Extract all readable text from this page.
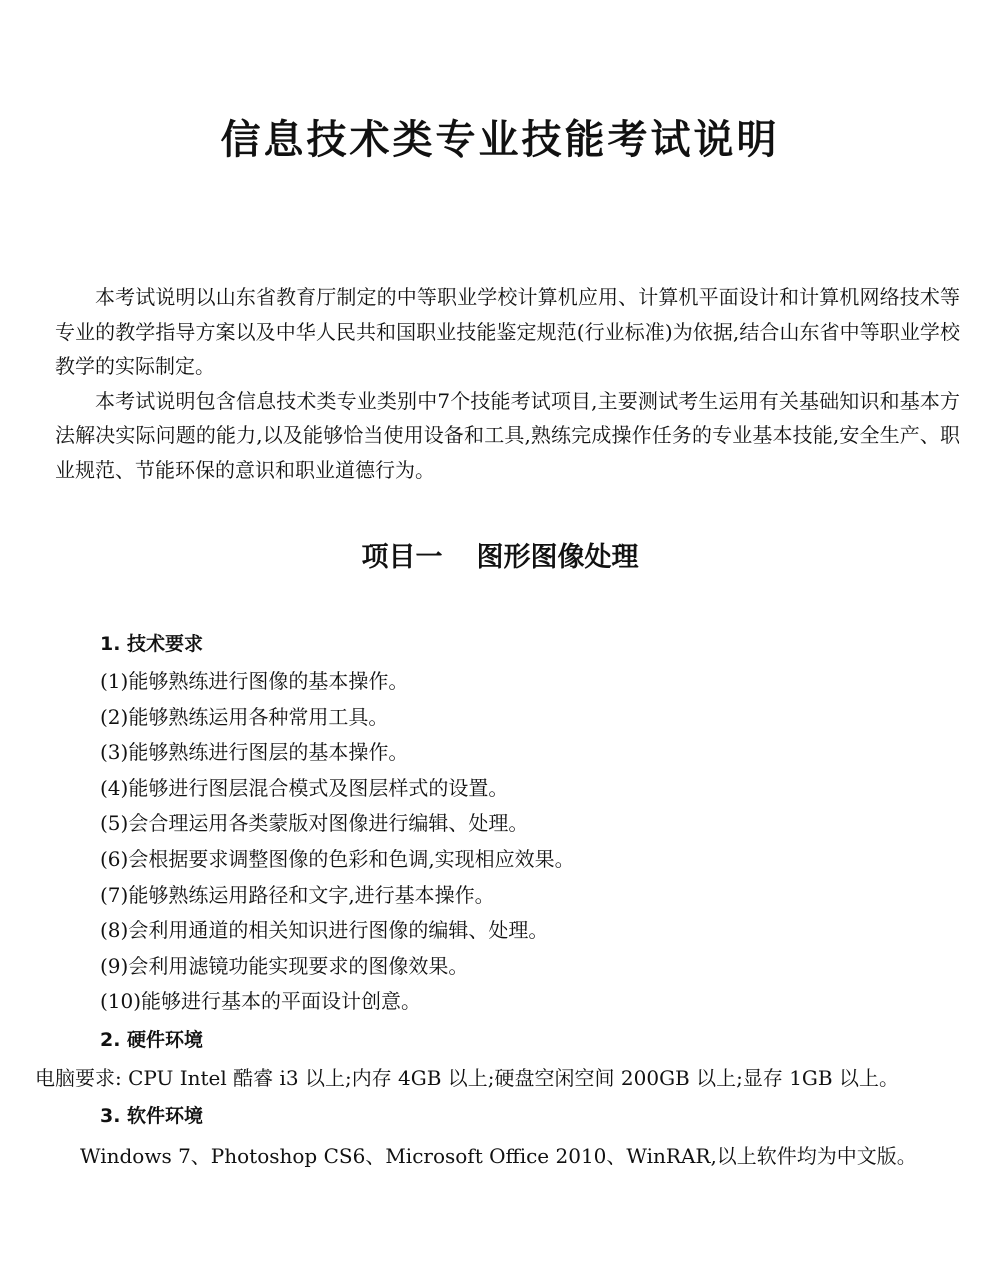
信息技术类专业技能考试说明

本考试说明以山东省教育厅制定的中等职业学校计算机应用、计算机平面设计和计算机网络技术等专业的教学指导方案以及中华人民共和国职业技能鉴定规范(行业标准)为依据,结合山东省中等职业学校教学的实际制定。

本考试说明包含信息技术类专业类别中7个技能考试项目,主要测试考生运用有关基础知识和基本方法解决实际问题的能力,以及能够恰当使用设备和工具,熟练完成操作任务的专业基本技能,安全生产、职业规范、节能环保的意识和职业道德行为。

项目一 图形图像处理
1. 技术要求

(1)能够熟练进行图像的基本操作。

(2)能够熟练运用各种常用工具。

(3)能够熟练进行图层的基本操作。

(4)能够进行图层混合模式及图层样式的设置。

(5)会合理运用各类蒙版对图像进行编辑、处理。

(6)会根据要求调整图像的色彩和色调,实现相应效果。

(7)能够熟练运用路径和文字,进行基本操作。

(8)会利用通道的相关知识进行图像的编辑、处理。

(9)会利用滤镜功能实现要求的图像效果。

(10)能够进行基本的平面设计创意。

2. 硬件环境

电脑要求: CPU Intel 酷睿 i3 以上;内存 4GB 以上;硬盘空闲空间 200GB 以上;显存 1GB 以上。

3. 软件环境

Windows 7、Photoshop CS6、Microsoft Office 2010、WinRAR,以上软件均为中文版。
